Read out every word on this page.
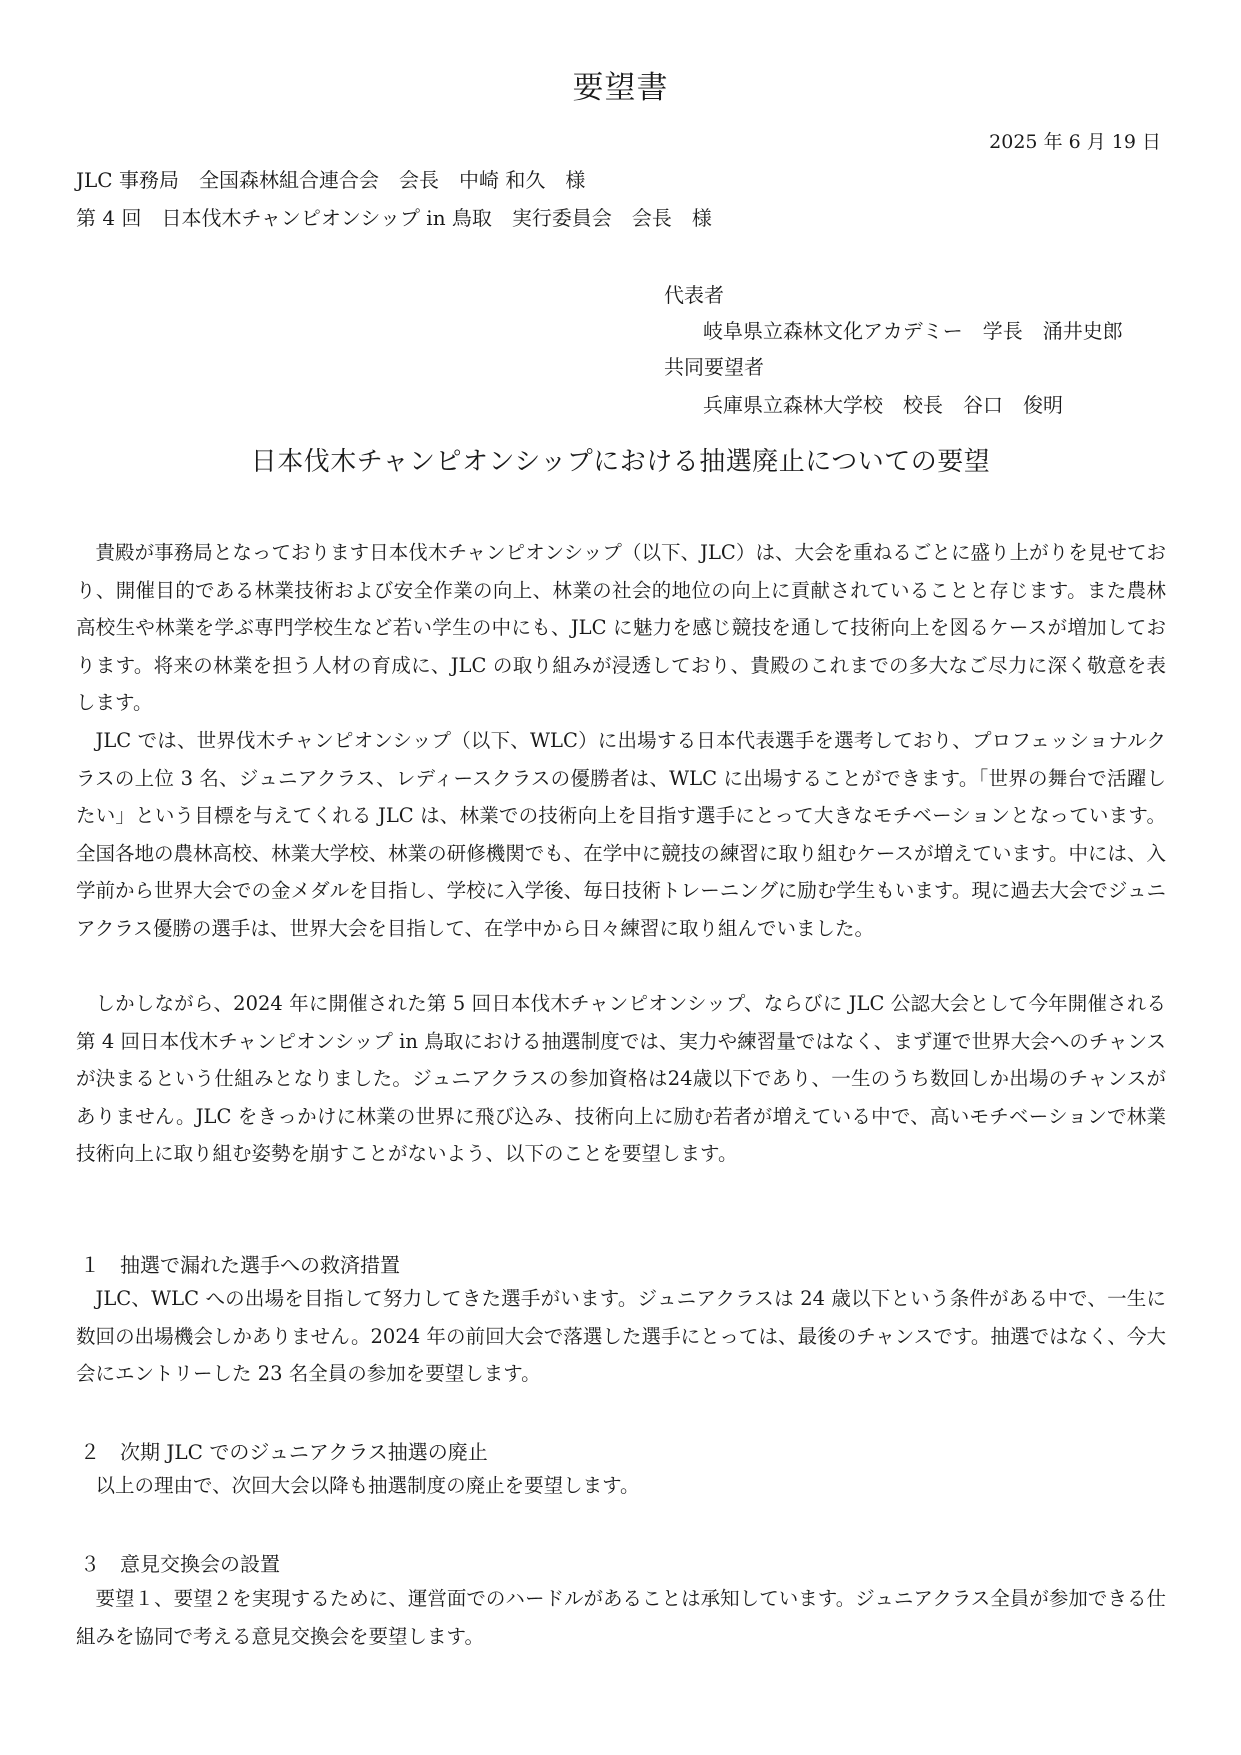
要望書
2025 年 6 月 19 日
JLC 事務局　全国森林組合連合会　会長　中崎 和久　様
第 4 回　日本伐木チャンピオンシップ in 鳥取　実行委員会　会長　様
代表者
岐阜県立森林文化アカデミー　学長　涌井史郎
共同要望者
兵庫県立森林大学校　校長　谷口　俊明
日本伐木チャンピオンシップにおける抽選廃止についての要望

貴殿が事務局となっております日本伐木チャンピオンシップ（以下、JLC）は、大会を重ねるごとに盛り上がりを見せており、開催目的である林業技術および安全作業の向上、林業の社会的地位の向上に貢献されていることと存じます。また農林高校生や林業を学ぶ専門学校生など若い学生の中にも、JLC に魅力を感じ競技を通して技術向上を図るケースが増加しております。将来の林業を担う人材の育成に、JLC の取り組みが浸透しており、貴殿のこれまでの多大なご尽力に深く敬意を表します。

JLC では、世界伐木チャンピオンシップ（以下、WLC）に出場する日本代表選手を選考しており、プロフェッショナルクラスの上位 3 名、ジュニアクラス、レディースクラスの優勝者は、WLC に出場することができます。「世界の舞台で活躍したい」という目標を与えてくれる JLC は、林業での技術向上を目指す選手にとって大きなモチベーションとなっています。全国各地の農林高校、林業大学校、林業の研修機関でも、在学中に競技の練習に取り組むケースが増えています。中には、入学前から世界大会での金メダルを目指し、学校に入学後、毎日技術トレーニングに励む学生もいます。現に過去大会でジュニアクラス優勝の選手は、世界大会を目指して、在学中から日々練習に取り組んでいました。

しかしながら、2024 年に開催された第 5 回日本伐木チャンピオンシップ、ならびに JLC 公認大会として今年開催される第 4 回日本伐木チャンピオンシップ in 鳥取における抽選制度では、実力や練習量ではなく、まず運で世界大会へのチャンスが決まるという仕組みとなりました。ジュニアクラスの参加資格は24歳以下であり、一生のうち数回しか出場のチャンスがありません。JLC をきっかけに林業の世界に飛び込み、技術向上に励む若者が増えている中で、高いモチベーションで林業技術向上に取り組む姿勢を崩すことがないよう、以下のことを要望します。

１ 抽選で漏れた選手への救済措置

JLC、WLC への出場を目指して努力してきた選手がいます。ジュニアクラスは 24 歳以下という条件がある中で、一生に数回の出場機会しかありません。2024 年の前回大会で落選した選手にとっては、最後のチャンスです。抽選ではなく、今大会にエントリーした 23 名全員の参加を要望します。

２ 次期 JLC でのジュニアクラス抽選の廃止

以上の理由で、次回大会以降も抽選制度の廃止を要望します。

３ 意見交換会の設置

要望１、要望２を実現するために、運営面でのハードルがあることは承知しています。ジュニアクラス全員が参加できる仕組みを協同で考える意見交換会を要望します。
